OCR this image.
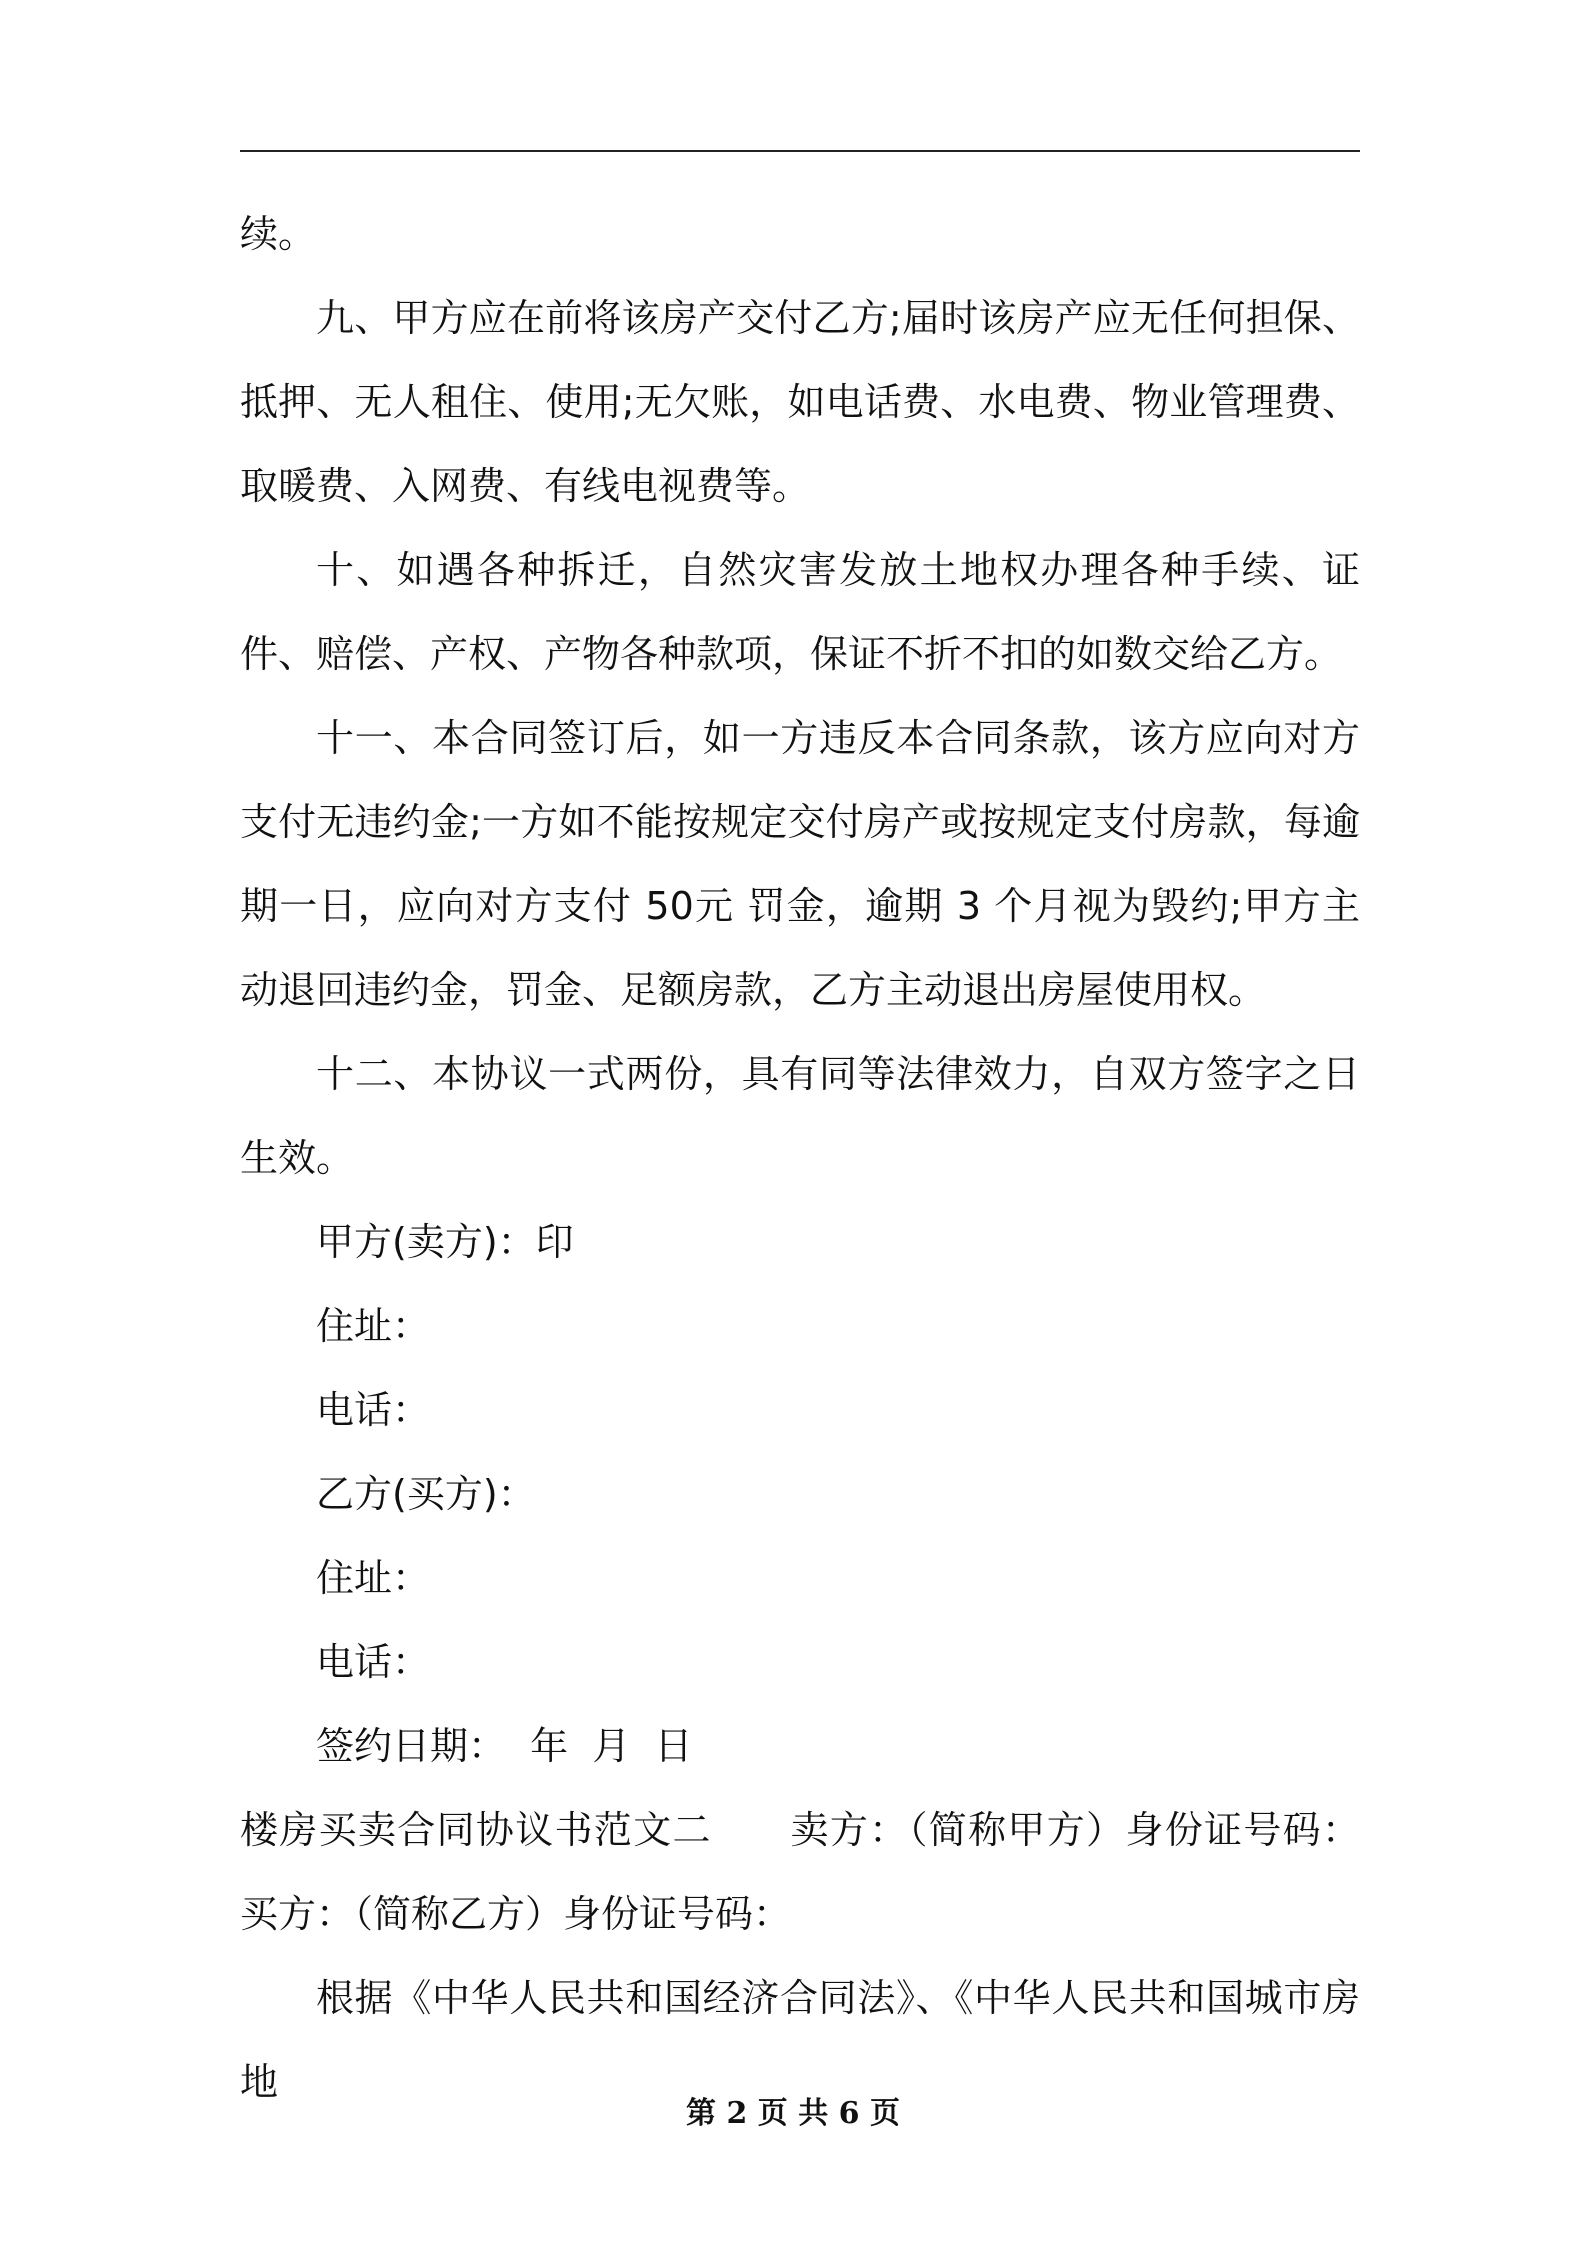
续。

九、甲方应在前将该房产交付乙方;届时该房产应无任何担保、抵押、无人租住、使用;无欠账，如电话费、水电费、物业管理费、取暖费、入网费、有线电视费等。

十、如遇各种拆迁，自然灾害发放土地权办理各种手续、证件、赔偿、产权、产物各种款项，保证不折不扣的如数交给乙方。

十一、本合同签订后，如一方违反本合同条款，该方应向对方支付无违约金;一方如不能按规定交付房产或按规定支付房款，每逾期一日，应向对方支付 50元 罚金，逾期 3 个月视为毁约;甲方主动退回违约金，罚金、足额房款，乙方主动退出房屋使用权。

十二、本协议一式两份，具有同等法律效力，自双方签字之日生效。

甲方(卖方)：印

住址：

电话：

乙方(买方)：

住址：

电话：

签约日期：  年  月  日

楼房买卖合同协议书范文二　　卖方：（简称甲方）身份证号码：买方：（简称乙方）身份证号码：

根据《中华人民共和国经济合同法》、《中华人民共和国城市房地

第 2 页 共 6 页
